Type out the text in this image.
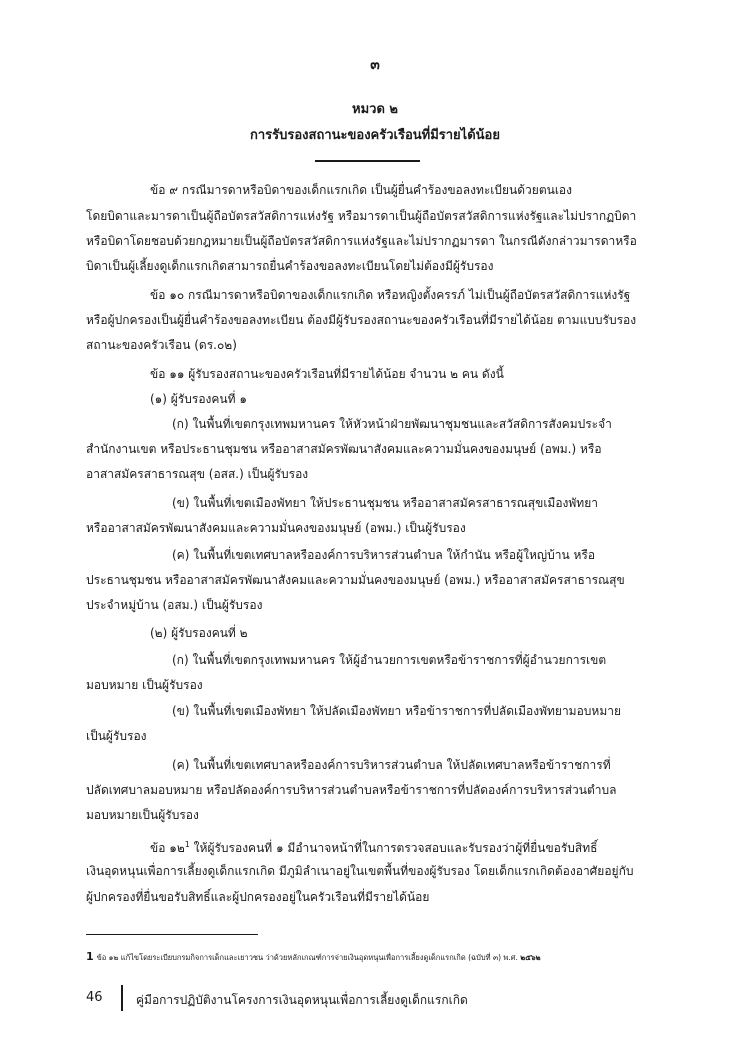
๓
หมวด ๒
การรับรองสถานะของครัวเรือนที่มีรายได้น้อย
ข้อ ๙ กรณีมารดาหรือบิดาของเด็กแรกเกิด เป็นผู้ยื่นคำร้องขอลงทะเบียนด้วยตนเอง
โดยบิดาและมารดาเป็นผู้ถือบัตรสวัสดิการแห่งรัฐ หรือมารดาเป็นผู้ถือบัตรสวัสดิการแห่งรัฐและไม่ปรากฏบิดา
หรือบิดาโดยชอบด้วยกฎหมายเป็นผู้ถือบัตรสวัสดิการแห่งรัฐและไม่ปรากฏมารดา ในกรณีดังกล่าวมารดาหรือ
บิดาเป็นผู้เลี้ยงดูเด็กแรกเกิดสามารถยื่นคำร้องขอลงทะเบียนโดยไม่ต้องมีผู้รับรอง
ข้อ ๑๐ กรณีมารดาหรือบิดาของเด็กแรกเกิด หรือหญิงตั้งครรภ์ ไม่เป็นผู้ถือบัตรสวัสดิการแห่งรัฐ
หรือผู้ปกครองเป็นผู้ยื่นคำร้องขอลงทะเบียน ต้องมีผู้รับรองสถานะของครัวเรือนที่มีรายได้น้อย ตามแบบรับรอง
สถานะของครัวเรือน (ดร.๐๒)
ข้อ ๑๑ ผู้รับรองสถานะของครัวเรือนที่มีรายได้น้อย จำนวน ๒ คน ดังนี้
(๑) ผู้รับรองคนที่ ๑
(ก) ในพื้นที่เขตกรุงเทพมหานคร ให้หัวหน้าฝ่ายพัฒนาชุมชนและสวัสดิการสังคมประจำ
สำนักงานเขต หรือประธานชุมชน หรืออาสาสมัครพัฒนาสังคมและความมั่นคงของมนุษย์ (อพม.) หรือ
อาสาสมัครสาธารณสุข (อสส.) เป็นผู้รับรอง
(ข) ในพื้นที่เขตเมืองพัทยา ให้ประธานชุมชน หรืออาสาสมัครสาธารณสุขเมืองพัทยา
หรืออาสาสมัครพัฒนาสังคมและความมั่นคงของมนุษย์ (อพม.) เป็นผู้รับรอง
(ค) ในพื้นที่เขตเทศบาลหรือองค์การบริหารส่วนตำบล ให้กำนัน หรือผู้ใหญ่บ้าน หรือ
ประธานชุมชน หรืออาสาสมัครพัฒนาสังคมและความมั่นคงของมนุษย์ (อพม.) หรืออาสาสมัครสาธารณสุข
ประจำหมู่บ้าน (อสม.) เป็นผู้รับรอง
(๒) ผู้รับรองคนที่ ๒
(ก) ในพื้นที่เขตกรุงเทพมหานคร ให้ผู้อำนวยการเขตหรือข้าราชการที่ผู้อำนวยการเขต
มอบหมาย เป็นผู้รับรอง
(ข) ในพื้นที่เขตเมืองพัทยา ให้ปลัดเมืองพัทยา หรือข้าราชการที่ปลัดเมืองพัทยามอบหมาย
เป็นผู้รับรอง
(ค) ในพื้นที่เขตเทศบาลหรือองค์การบริหารส่วนตำบล ให้ปลัดเทศบาลหรือข้าราชการที่
ปลัดเทศบาลมอบหมาย หรือปลัดองค์การบริหารส่วนตำบลหรือข้าราชการที่ปลัดองค์การบริหารส่วนตำบล
มอบหมายเป็นผู้รับรอง
ข้อ ๑๒$^1$ ให้ผู้รับรองคนที่ ๑ มีอำนาจหน้าที่ในการตรวจสอบและรับรองว่าผู้ที่ยื่นขอรับสิทธิ์
เงินอุดหนุนเพื่อการเลี้ยงดูเด็กแรกเกิด มีภูมิลำเนาอยู่ในเขตพื้นที่ของผู้รับรอง โดยเด็กแรกเกิดต้องอาศัยอยู่กับ
ผู้ปกครองที่ยื่นขอรับสิทธิ์และผู้ปกครองอยู่ในครัวเรือนที่มีรายได้น้อย
1 ข้อ ๑๒ แก้ไขโดยระเบียบกรมกิจการเด็กและเยาวชน ว่าด้วยหลักเกณฑ์การจ่ายเงินอุดหนุนเพื่อการเลี้ยงดูเด็กแรกเกิด (ฉบับที่ ๓) พ.ศ. ๒๕๖๒
46	คู่มือการปฏิบัติงานโครงการเงินอุดหนุนเพื่อการเลี้ยงดูเด็กแรกเกิด
